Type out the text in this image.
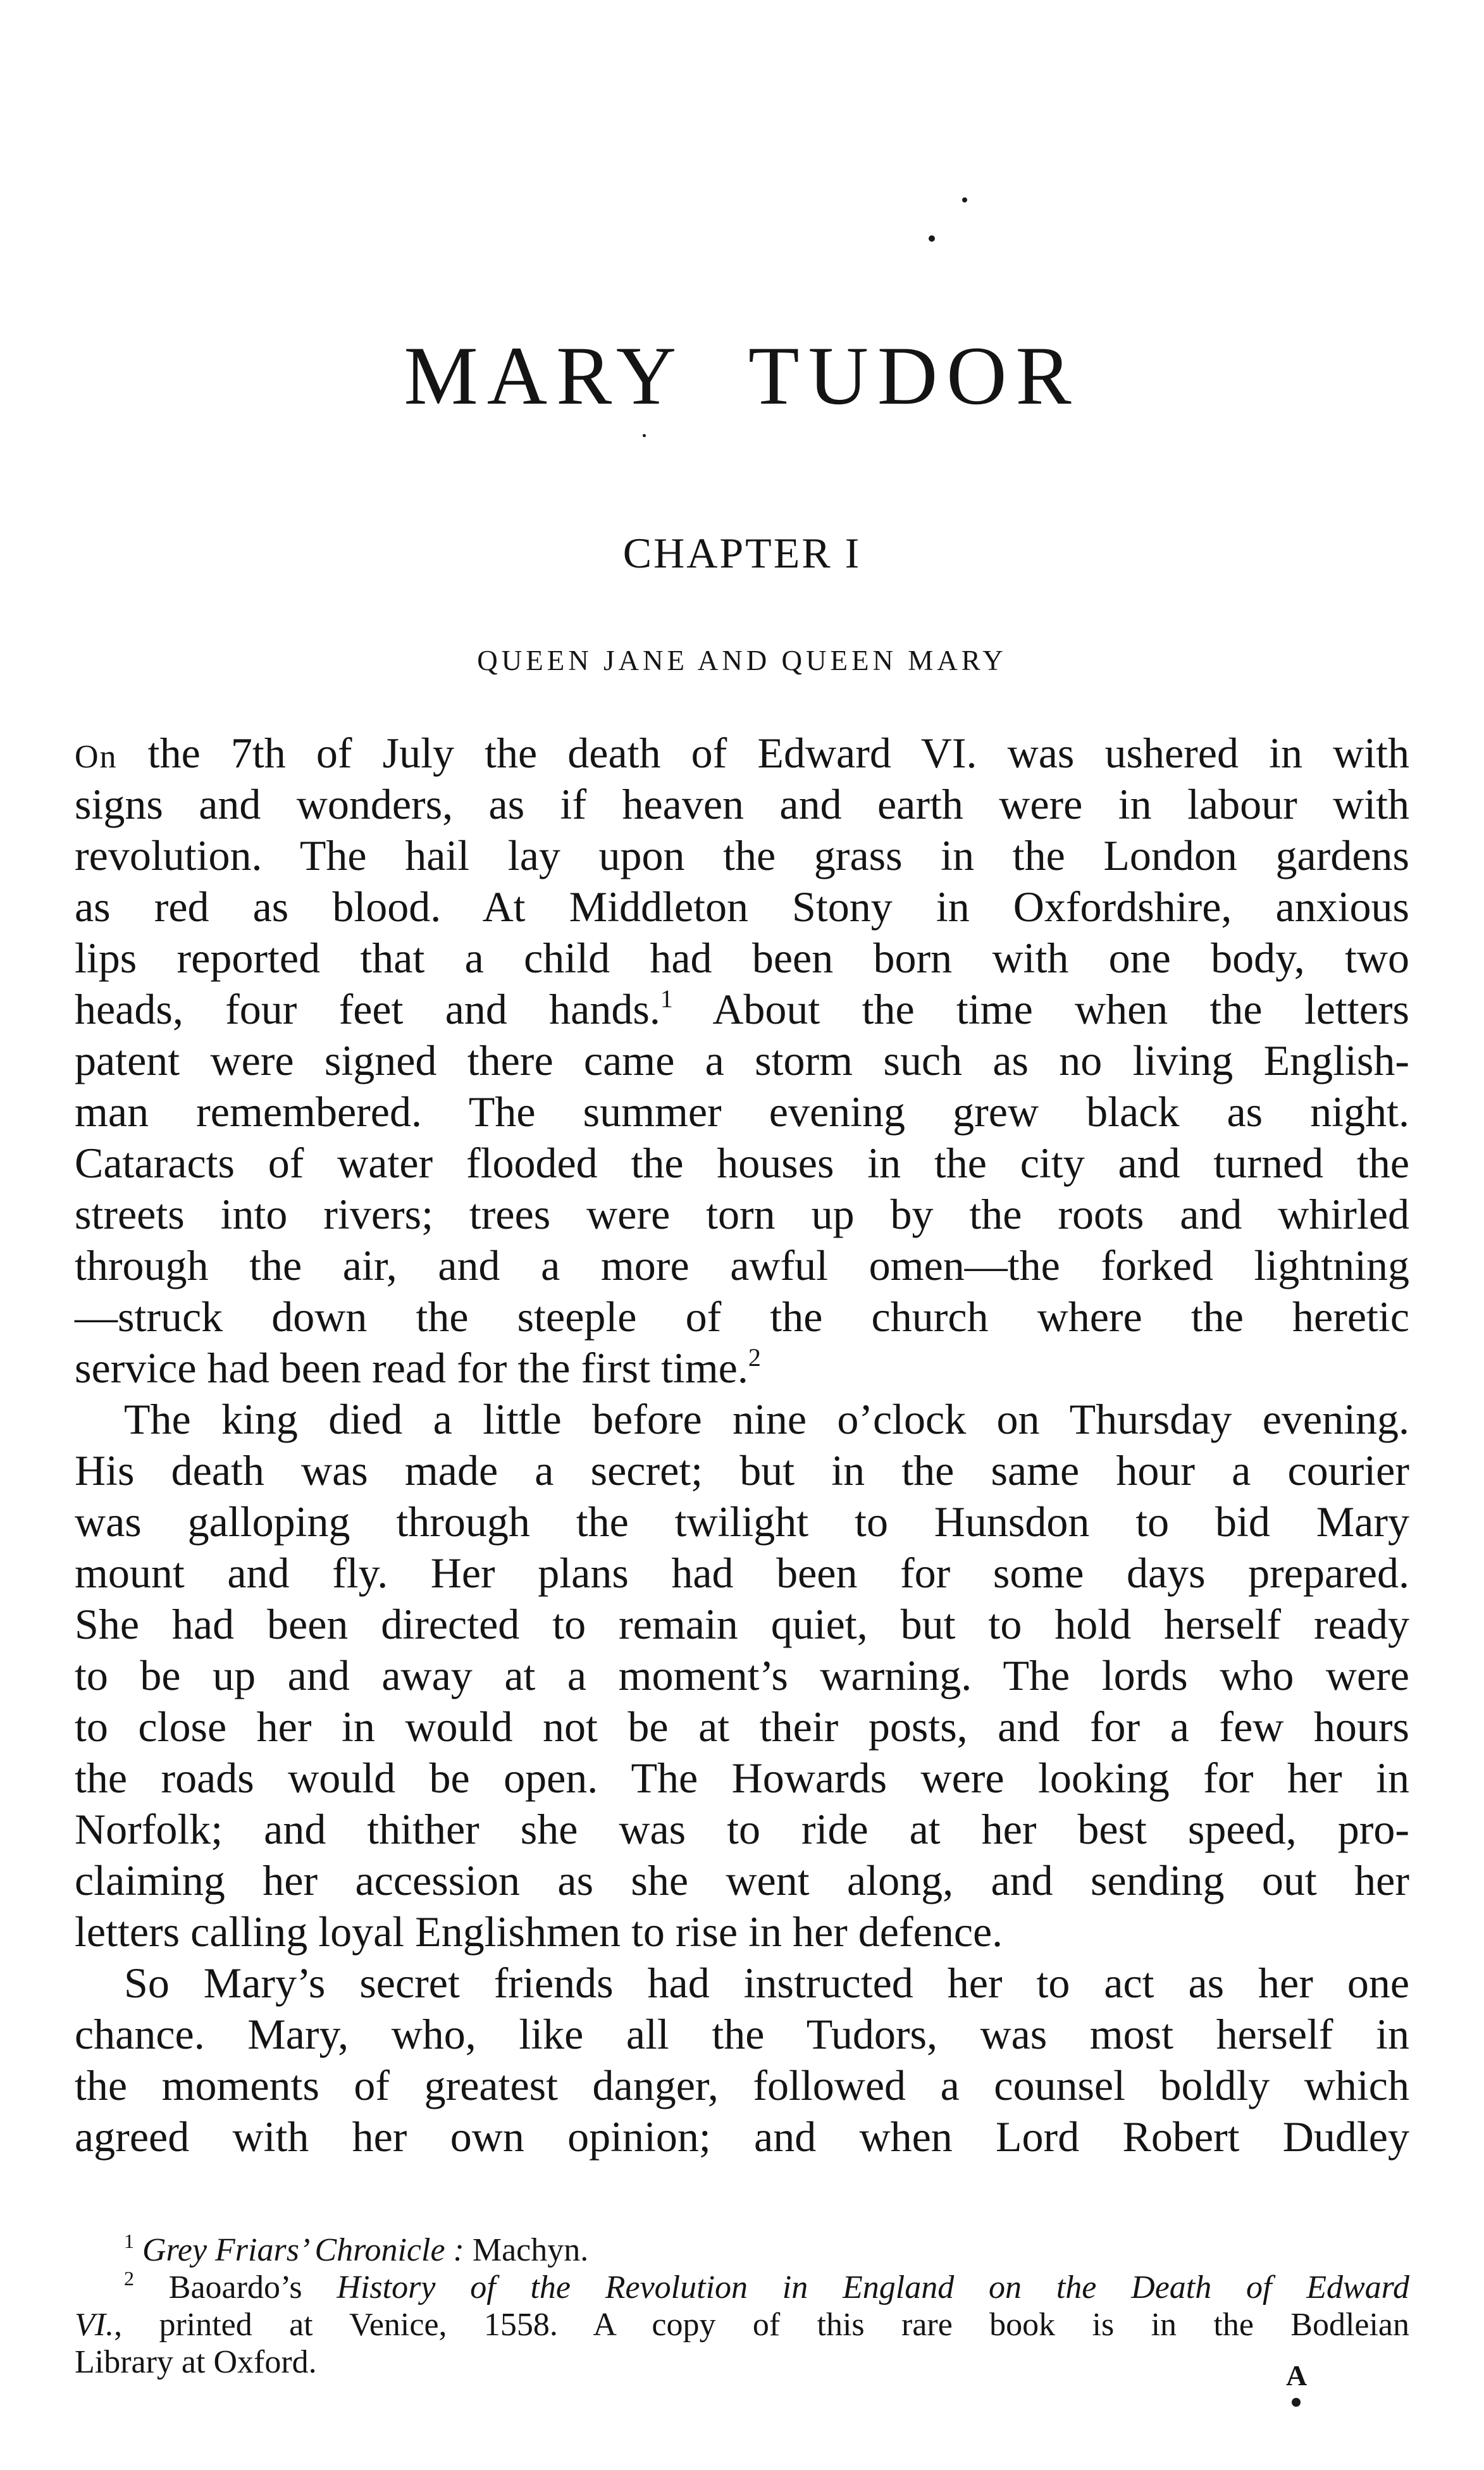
MARY TUDOR
CHAPTER I
QUEEN JANE AND QUEEN MARY
On the 7th of July the death of Edward VI. was ushered in with
signs and wonders, as if heaven and earth were in labour with
revolution. The hail lay upon the grass in the London gardens
as red as blood. At Middleton Stony in Oxfordshire, anxious
lips reported that a child had been born with one body, two
heads, four feet and hands.$^1$ About the time when the letters
patent were signed there came a storm such as no living English-
man remembered. The summer evening grew black as night.
Cataracts of water flooded the houses in the city and turned the
streets into rivers; trees were torn up by the roots and whirled
through the air, and a more awful omen—the forked lightning
—struck down the steeple of the church where the heretic
service had been read for the first time.$^2$
The king died a little before nine o’clock on Thursday evening.
His death was made a secret; but in the same hour a courier
was galloping through the twilight to Hunsdon to bid Mary
mount and fly. Her plans had been for some days prepared.
She had been directed to remain quiet, but to hold herself ready
to be up and away at a moment’s warning. The lords who were
to close her in would not be at their posts, and for a few hours
the roads would be open. The Howards were looking for her in
Norfolk; and thither she was to ride at her best speed, pro-
claiming her accession as she went along, and sending out her
letters calling loyal Englishmen to rise in her defence.
So Mary’s secret friends had instructed her to act as her one
chance. Mary, who, like all the Tudors, was most herself in
the moments of greatest danger, followed a counsel boldly which
agreed with her own opinion; and when Lord Robert Dudley
$^1$ Grey Friars’ Chronicle : Machyn.
$^2$ Baoardo’s History of the Revolution in England on the Death of Edward
VI., printed at Venice, 1558. A copy of this rare book is in the Bodleian
Library at Oxford.	A
